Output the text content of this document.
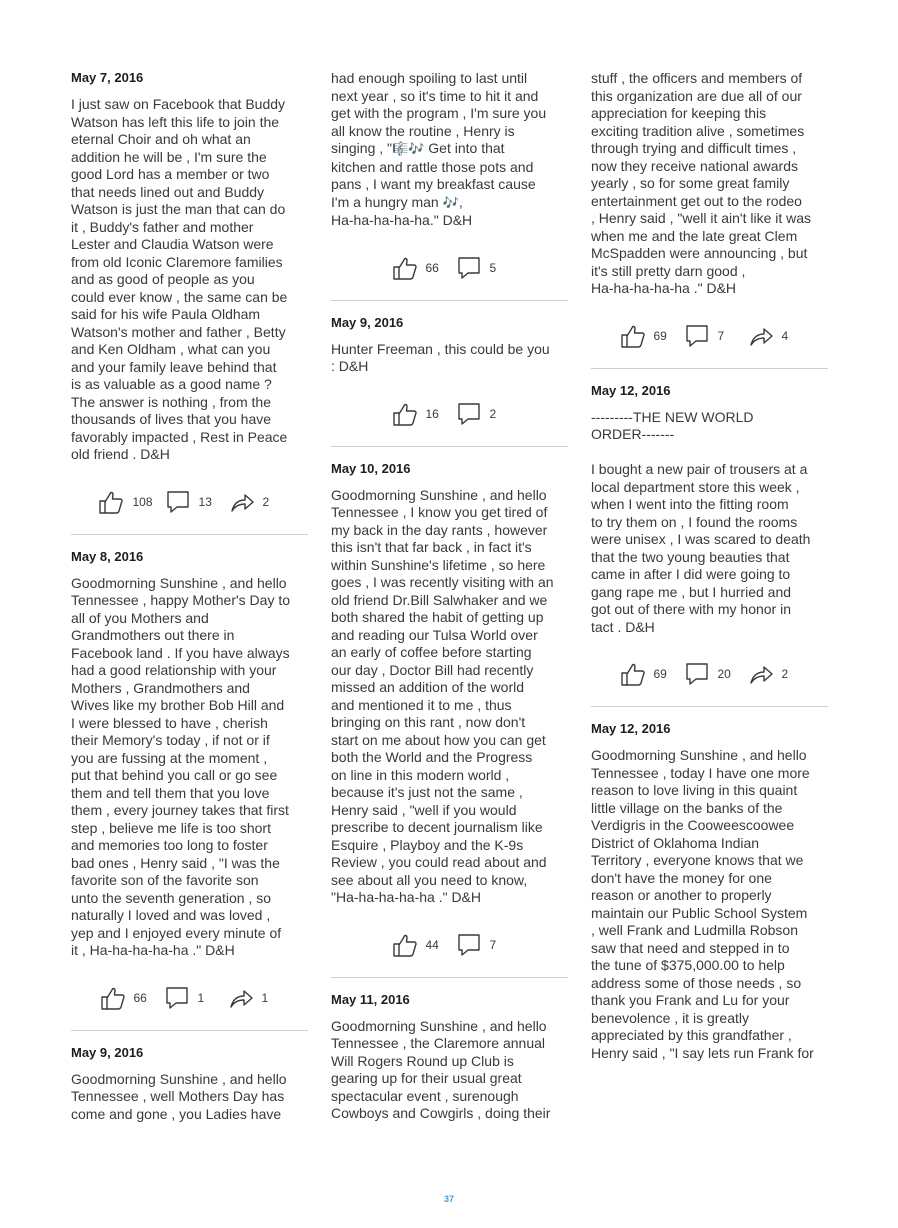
May 7, 2016

I just saw on Facebook that Buddy
Watson has left this life to join the
eternal Choir and oh what an
addition he will be , I'm sure the
good Lord has a member or two
that needs lined out and Buddy
Watson is just the man that can do
it , Buddy's father and mother
Lester and Claudia Watson were
from old Iconic Claremore families
and as good of people as you
could ever know , the same can be
said for his wife Paula Oldham
Watson's mother and father , Betty
and Ken Oldham , what can you
and your family leave behind that
is as valuable as a good name ?
The answer is nothing , from the
thousands of lives that you have
favorably impacted , Rest in Peace
old friend . D&H

108	13	2
May 8, 2016

Goodmorning Sunshine , and hello
Tennessee , happy Mother's Day to
all of you Mothers and
Grandmothers out there in
Facebook land . If you have always
had a good relationship with your
Mothers , Grandmothers and
Wives like my brother Bob Hill and
I were blessed to have , cherish
their Memory's today , if not or if
you are fussing at the moment ,
put that behind you call or go see
them and tell them that you love
them , every journey takes that first
step , believe me life is too short
and memories too long to foster
bad ones , Henry said , "I was the
favorite son of the favorite son
unto the seventh generation , so
naturally I loved and was loved ,
yep and I enjoyed every minute of
it , Ha-ha-ha-ha-ha ." D&H

66	1	1
May 9, 2016

Goodmorning Sunshine , and hello
Tennessee , well Mothers Day has
come and gone , you Ladies have

had enough spoiling to last until
next year , so it's time to hit it and
get with the program , I'm sure you
all know the routine , Henry is
singing , "🎼🎶 Get into that
kitchen and rattle those pots and
pans , I want my breakfast cause
I'm a hungry man 🎶,
Ha-ha-ha-ha-ha." D&H

66	5
May 9, 2016

Hunter Freeman , this could be you
: D&H

16	2
May 10, 2016

Goodmorning Sunshine , and hello
Tennessee , I know you get tired of
my back in the day rants , however
this isn't that far back , in fact it's
within Sunshine's lifetime , so here
goes , I was recently visiting with an
old friend Dr.Bill Salwhaker and we
both shared the habit of getting up
and reading our Tulsa World over
an early of coffee before starting
our day , Doctor Bill had recently
missed an addition of the world
and mentioned it to me , thus
bringing on this rant , now don't
start on me about how you can get
both the World and the Progress
on line in this modern world ,
because it's just not the same ,
Henry said , "well if you would
prescribe to decent journalism like
Esquire , Playboy and the K-9s
Review , you could read about and
see about all you need to know,
"Ha-ha-ha-ha-ha ." D&H

44	7
May 11, 2016

Goodmorning Sunshine , and hello
Tennessee , the Claremore annual
Will Rogers Round up Club is
gearing up for their usual great
spectacular event , surenough
Cowboys and Cowgirls , doing their

stuff , the officers and members of
this organization are due all of our
appreciation for keeping this
exciting tradition alive , sometimes
through trying and difficult times ,
now they receive national awards
yearly , so for some great family
entertainment get out to the rodeo
, Henry said , "well it ain't like it was
when me and the late great Clem
McSpadden were announcing , but
it's still pretty darn good ,
Ha-ha-ha-ha-ha ." D&H

69	7	4
May 12, 2016

---------THE NEW WORLD
ORDER-------

I bought a new pair of trousers at a
local department store this week ,
when I went into the fitting room
to try them on , I found the rooms
were unisex , I was scared to death
that the two young beauties that
came in after I did were going to
gang rape me , but I hurried and
got out of there with my honor in
tact . D&H

69	20	2
May 12, 2016

Goodmorning Sunshine , and hello
Tennessee , today I have one more
reason to love living in this quaint
little village on the banks of the
Verdigris in the Cooweescoowee
District of Oklahoma Indian
Territory , everyone knows that we
don't have the money for one
reason or another to properly
maintain our Public School System
, well Frank and Ludmilla Robson
saw that need and stepped in to
the tune of $375,000.00 to help
address some of those needs , so
thank you Frank and Lu for your
benevolence , it is greatly
appreciated by this grandfather ,
Henry said , "I say lets run Frank for

37
